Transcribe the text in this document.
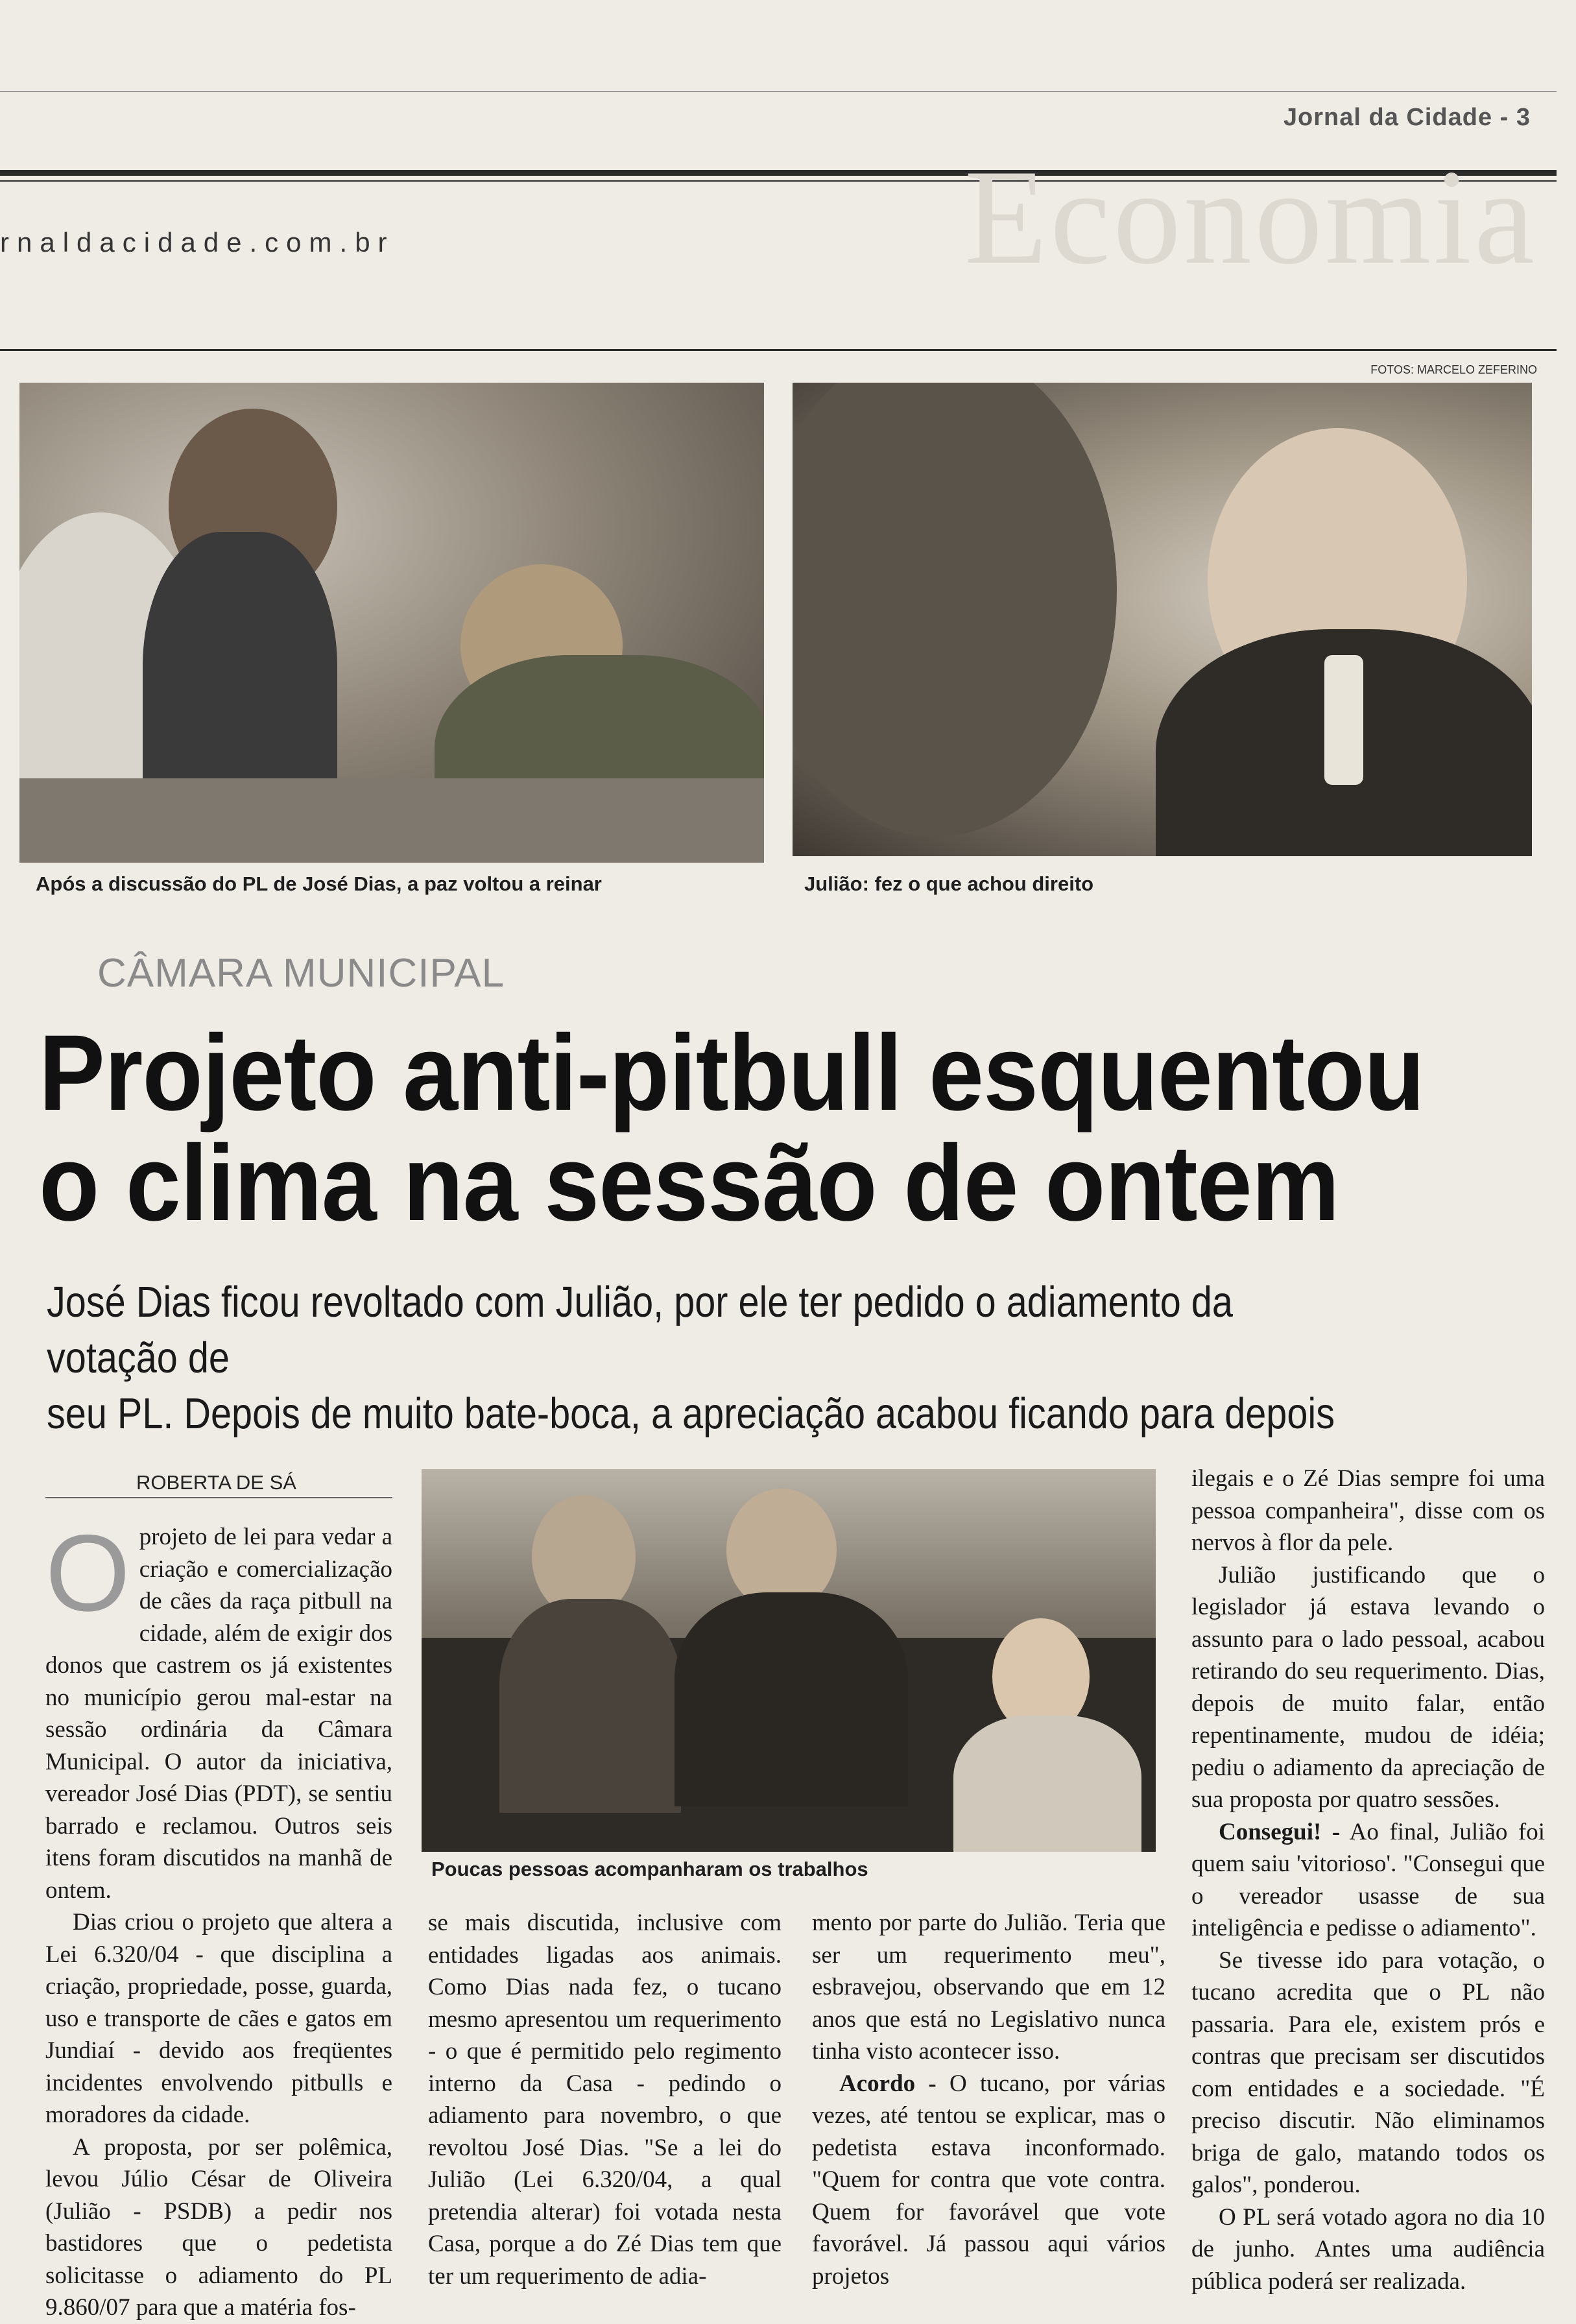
Jornal da Cidade - 3
Economia
rnaldacidade.com.br
FOTOS: MARCELO ZEFERINO
Após a discussão do PL de José Dias, a paz voltou a reinar	Julião: fez o que achou direito
CÂMARA MUNICIPAL
Projeto anti-pitbull esquentou
o clima na sessão de ontem
José Dias ficou revoltado com Julião, por ele ter pedido o adiamento da votação de
seu PL. Depois de muito bate-boca, a apreciação acabou ficando para depois
ROBERTA DE SÁ
O projeto de lei para vedar a criação e comercialização de cães da raça pitbull na cidade, além de exigir dos donos que castrem os já existentes no município gerou mal-estar na sessão ordinária da Câmara Municipal. O autor da iniciativa, vereador José Dias (PDT), se sentiu barrado e reclamou. Outros seis itens foram discutidos na manhã de ontem.

Dias criou o projeto que altera a Lei 6.320/04 - que disciplina a criação, propriedade, posse, guarda, uso e transporte de cães e gatos em Jundiaí - devido aos freqüentes incidentes envolvendo pitbulls e moradores da cidade.

A proposta, por ser polêmica, levou Júlio César de Oliveira (Julião - PSDB) a pedir nos bastidores que o pedetista solicitasse o adiamento do PL 9.860/07 para que a matéria fos-

Poucas pessoas acompanharam os trabalhos

se mais discutida, inclusive com entidades ligadas aos animais. Como Dias nada fez, o tucano mesmo apresentou um requerimento - o que é permitido pelo regimento interno da Casa - pedindo o adiamento para novembro, o que revoltou José Dias. "Se a lei do Julião (Lei 6.320/04, a qual pretendia alterar) foi votada nesta Casa, porque a do Zé Dias tem que ter um requerimento de adia-

mento por parte do Julião. Teria que ser um requerimento meu", esbravejou, observando que em 12 anos que está no Legislativo nunca tinha visto acontecer isso.

Acordo - O tucano, por várias vezes, até tentou se explicar, mas o pedetista estava inconformado. "Quem for contra que vote contra. Quem for favorável que vote favorável. Já passou aqui vários projetos

ilegais e o Zé Dias sempre foi uma pessoa companheira", disse com os nervos à flor da pele.

Julião justificando que o legislador já estava levando o assunto para o lado pessoal, acabou retirando do seu requerimento. Dias, depois de muito falar, então repentinamente, mudou de idéia; pediu o adiamento da apreciação de sua proposta por quatro sessões.

Consegui! - Ao final, Julião foi quem saiu 'vitorioso'. "Consegui que o vereador usasse de sua inteligência e pedisse o adiamento".

Se tivesse ido para votação, o tucano acredita que o PL não passaria. Para ele, existem prós e contras que precisam ser discutidos com entidades e a sociedade. "É preciso discutir. Não eliminamos briga de galo, matando todos os galos", ponderou.

O PL será votado agora no dia 10 de junho. Antes uma audiência pública poderá ser realizada.
